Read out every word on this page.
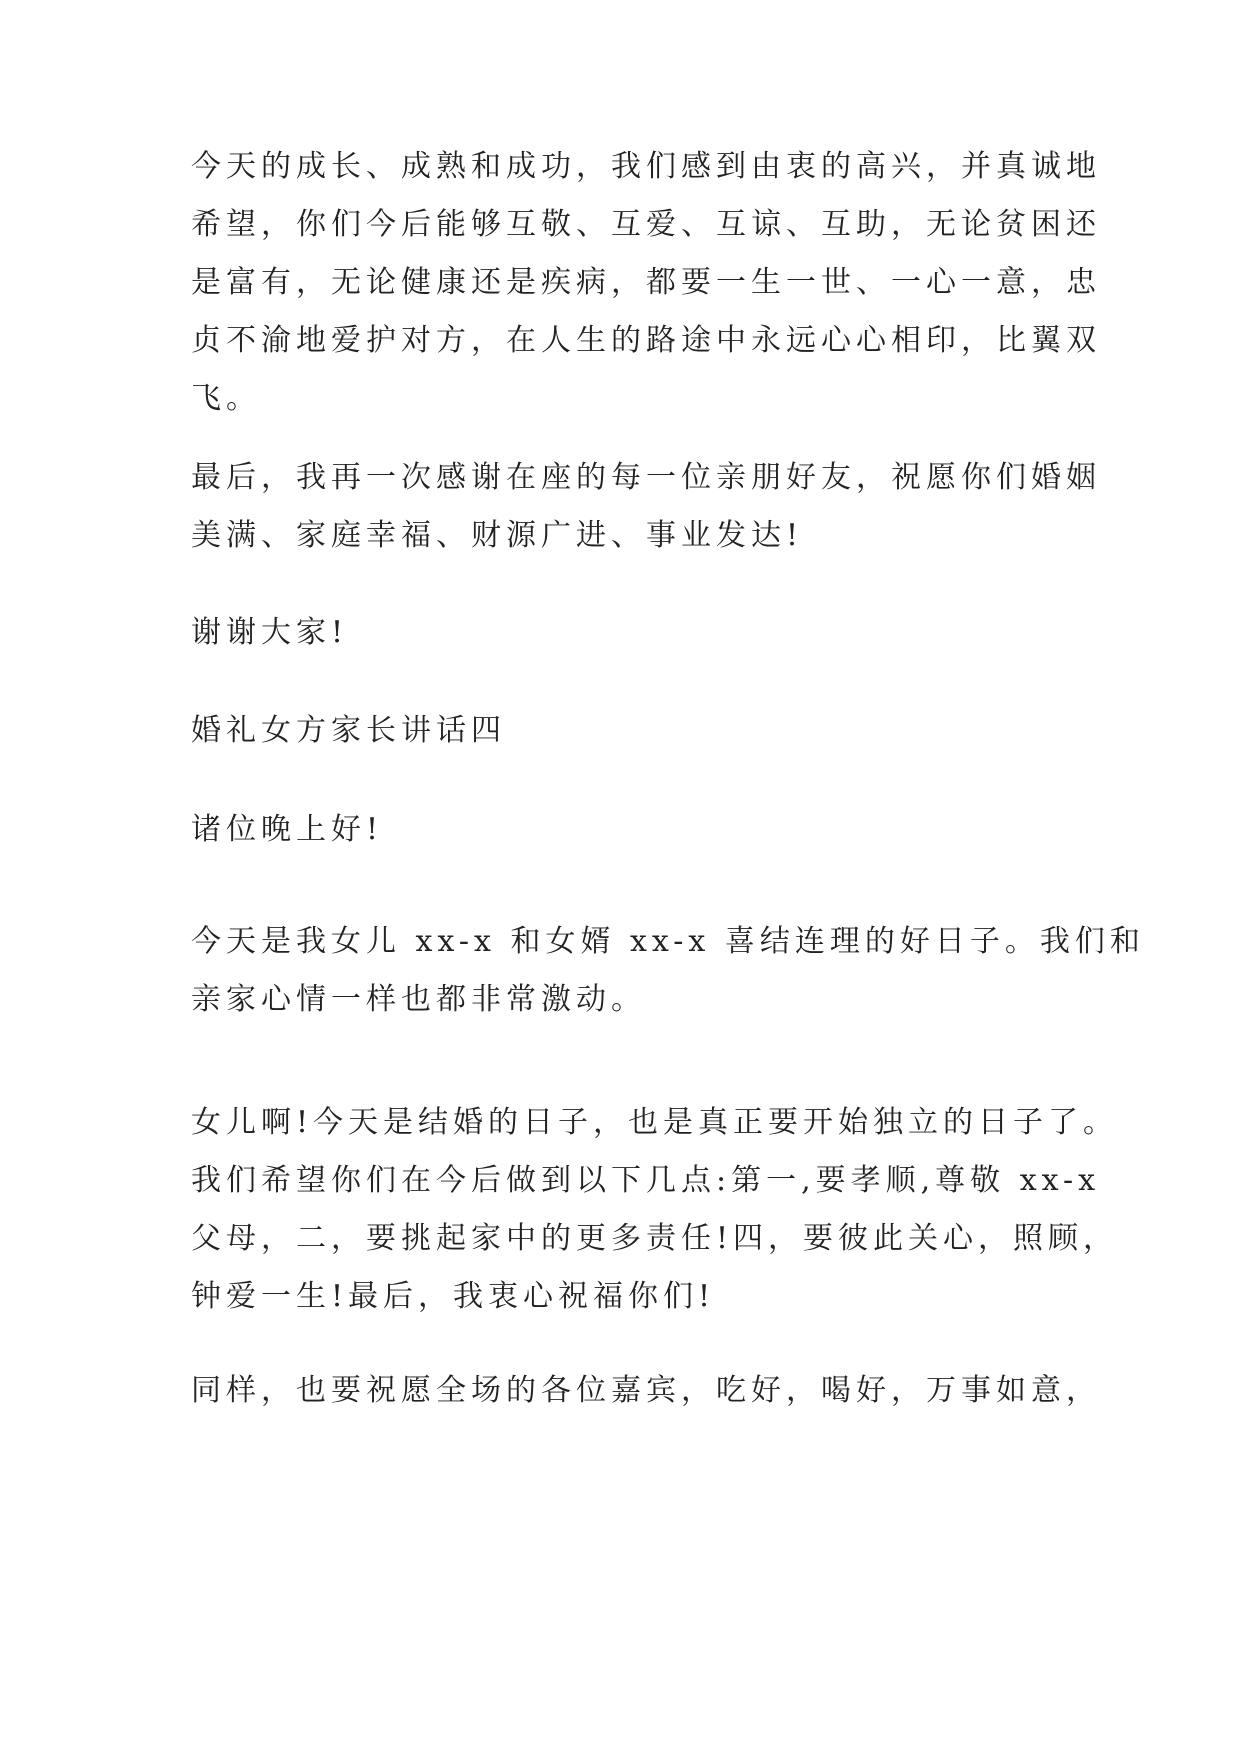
今天的成长、成熟和成功，我们感到由衷的高兴，并真诚地
希望，你们今后能够互敬、互爱、互谅、互助，无论贫困还
是富有，无论健康还是疾病，都要一生一世、一心一意，忠
贞不渝地爱护对方，在人生的路途中永远心心相印，比翼双
飞。
最后，我再一次感谢在座的每一位亲朋好友，祝愿你们婚姻
美满、家庭幸福、财源广进、事业发达!
谢谢大家!
婚礼女方家长讲话四
诸位晚上好!
今天是我女儿 xx-x 和女婿 xx-x 喜结连理的好日子。我们和
亲家心情一样也都非常激动。
女儿啊!今天是结婚的日子，也是真正要开始独立的日子了。
我们希望你们在今后做到以下几点:第一,要孝顺,尊敬 xx-x
父母，二，要挑起家中的更多责任!四，要彼此关心，照顾，
钟爱一生!最后，我衷心祝福你们!
同样，也要祝愿全场的各位嘉宾，吃好，喝好，万事如意，
